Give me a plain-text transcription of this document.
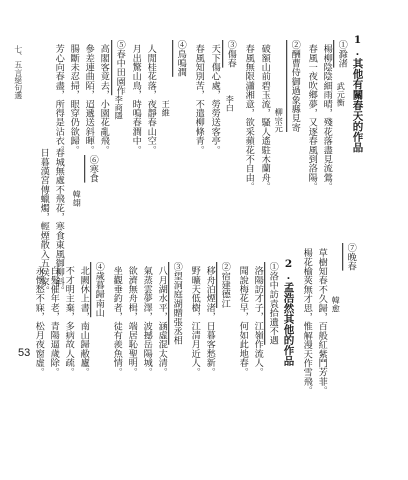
1.其他有關春天的作品
①滁渚
武元衡
楊柳陰陰細雨晴，殘花落盡見流鶯。
春風一夜吹鄉夢，又逐春風到洛陽。
②酬曹侍御過象縣見寄
柳宗元
破額山前碧玉流，騷人遙駐木蘭舟。
春風無限瀟湘意，欲采蘋花不自由。
③傷春
李白
天下傷心處，勞勞送客亭。
春風知別苦，不遣柳條青。
④鳥鳴澗
王維
人閒桂花落，夜靜春山空。
月出驚山鳥，時鳴春澗中。
⑤春中田園作
李商隱
高閣客竟去，小園花亂飛。
參差連曲陌，迢遞送斜暉。
腸斷未忍掃，眼穿仍欲歸。
芳心向春盡，所得是沾衣。
⑥寒食
韓翃
春城無處不飛花，寒食東風御柳斜。
日暮漢宮傳蠟燭，輕煙散入五侯家。
七、五言絕句選
⑦晚春
韓愈
草樹知春不久歸，百般紅紫鬥芳菲。
楊花榆莢無才思，惟解漫天作雪飛。
2.孟浩然其他的作品
①洛中訪袁拾遺不遇
洛陽訪才子，江嶺作流人。
聞說梅花早，何如此地春。
②宿建德江
移舟泊煙渚，日暮客愁新。
野曠天低樹，江清月近人。
③望洞庭湖贈張丞相
八月湖水平，涵虛混太清。
氣蒸雲夢澤，波撼岳陽城。
欲濟無舟楫，端居恥聖明。
坐觀垂釣者，徒有羨魚情。
④歲暮歸南山
北闕休上書，南山歸敝廬。
不才明主棄，多病故人疏。
白髮催年老，青陽逼歲除。
永懷愁不寐，松月夜窗虛。
53
